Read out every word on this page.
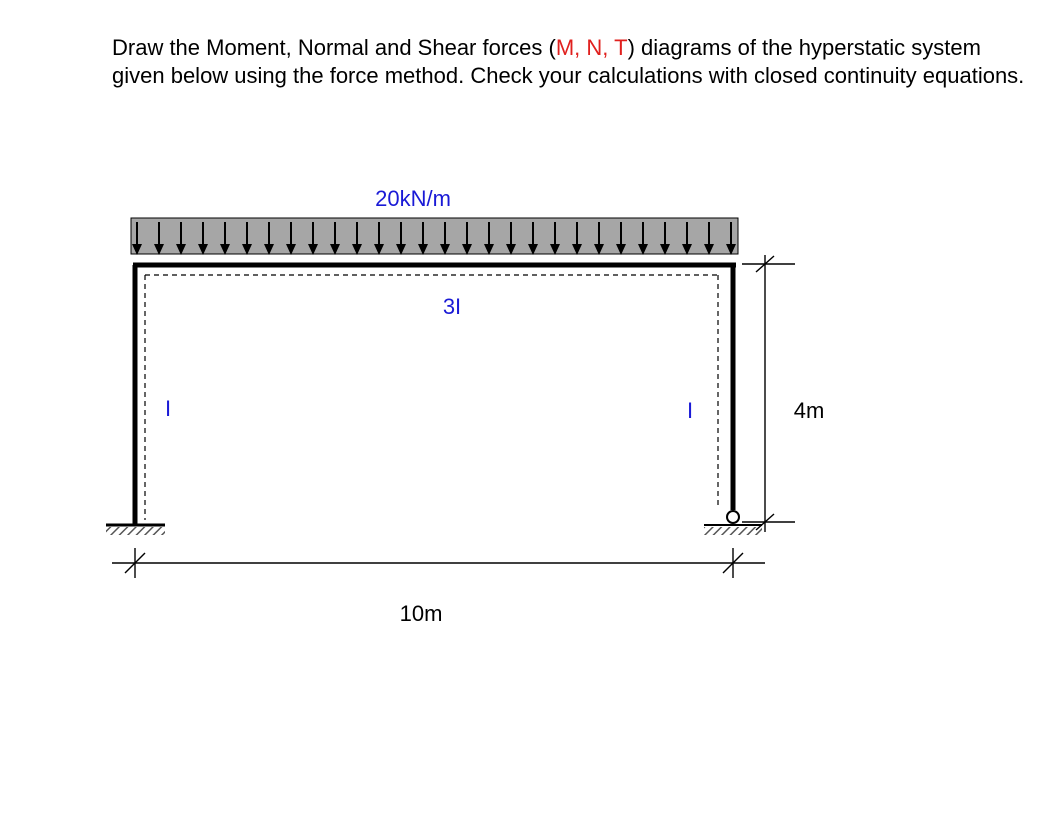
Draw the Moment, Normal and Shear forces (M, N, T) diagrams of the hyperstatic system given below using the force method. Check your calculations with closed continuity equations.

20kN/m
3I
I	I	4m
10m
